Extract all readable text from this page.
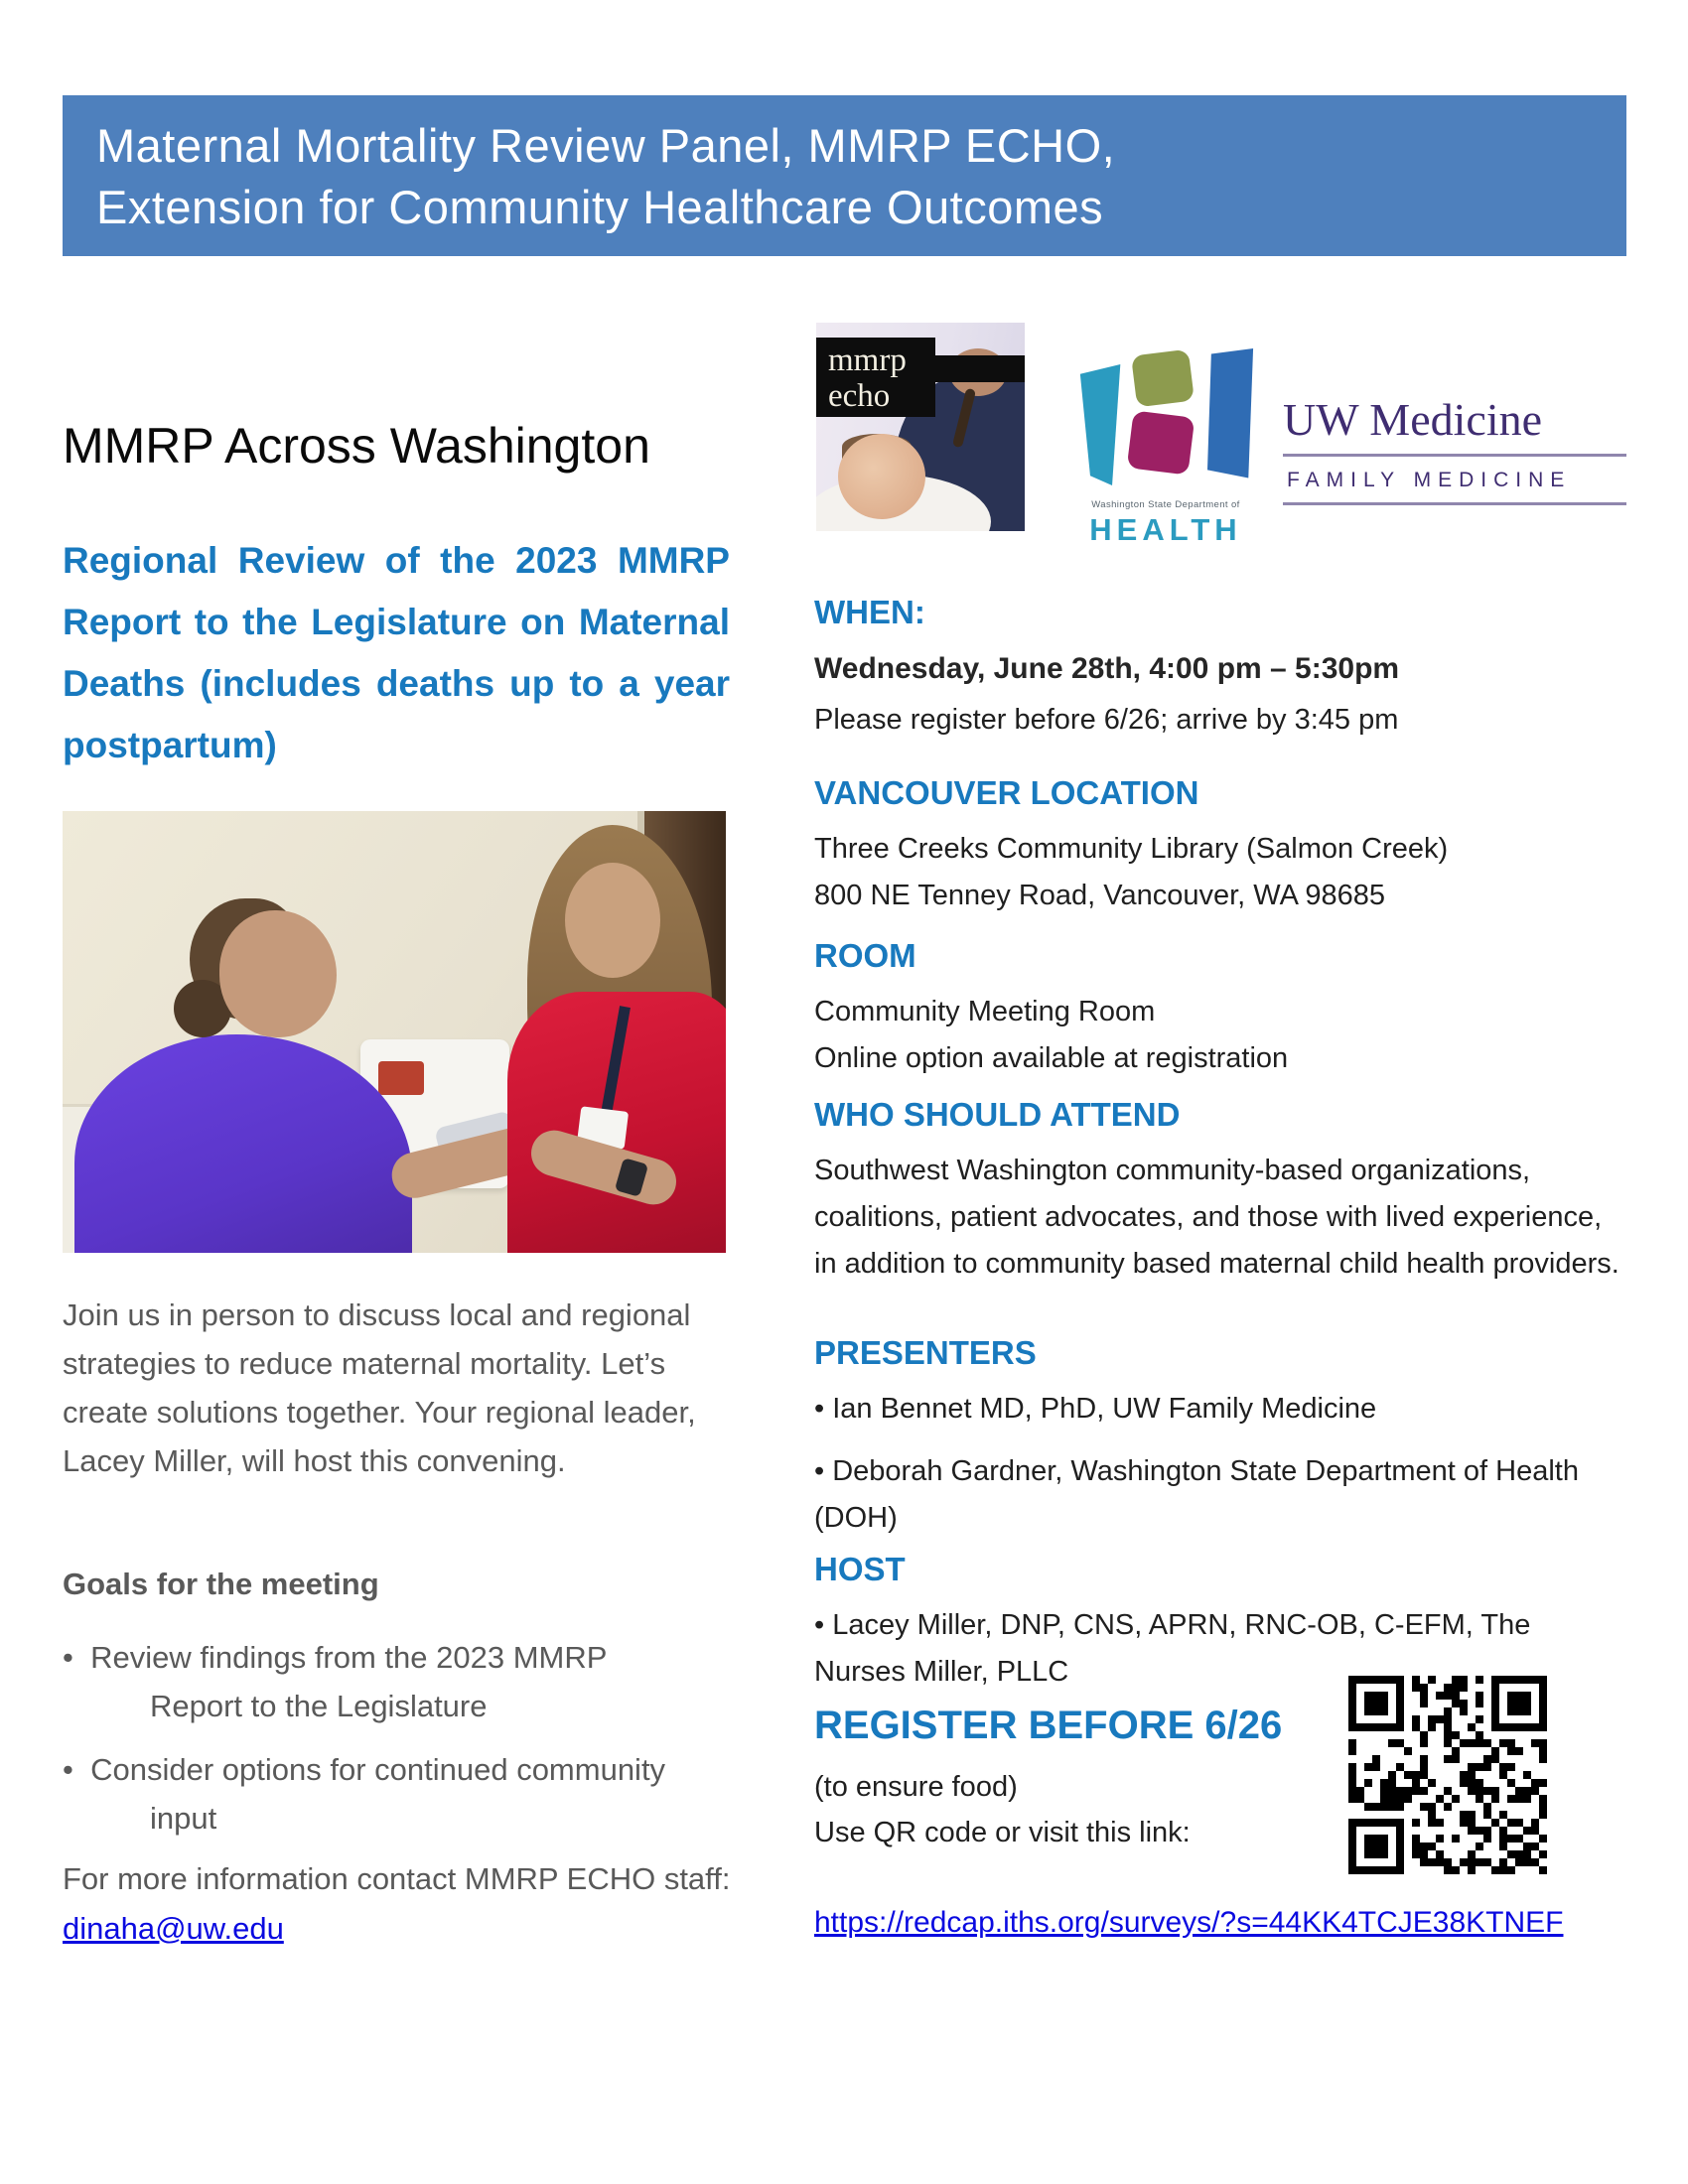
Maternal Mortality Review Panel, MMRP ECHO,
Extension for Community Healthcare Outcomes
MMRP Across Washington

Regional Review of the 2023 MMRP Report to the Legislature on Maternal Deaths (includes deaths up to a year postpartum)

Join us in person to discuss local and regional strategies to reduce maternal mortality. Let’s create solutions together. Your regional leader, Lacey Miller, will host this convening.

Goals for the meeting

•  Review findings from the 2023 MMRP Report to the Legislature

•  Consider options for continued community input

For more information contact MMRP ECHO staff: dinaha@uw.edu

mmrp
echo
Washington State Department of
HEALTH
UW Medicine
FAMILY MEDICINE
WHEN:
Wednesday, June 28th, 4:00 pm – 5:30pm
Please register before 6/26; arrive by 3:45 pm
VANCOUVER LOCATION
Three Creeks Community Library (Salmon Creek)
800 NE Tenney Road, Vancouver, WA 98685
ROOM
Community Meeting Room
Online option available at registration
WHO SHOULD ATTEND
Southwest Washington community-based organizations, coalitions, patient advocates, and those with lived experience, in addition to community based maternal child health providers.
PRESENTERS
• Ian Bennet MD, PhD, UW Family Medicine
• Deborah Gardner, Washington State Department of Health (DOH)
HOST
• Lacey Miller, DNP, CNS, APRN, RNC-OB, C-EFM, The Nurses Miller, PLLC
REGISTER BEFORE 6/26
(to ensure food)
Use QR code or visit this link:
https://redcap.iths.org/surveys/?s=44KK4TCJE38KTNEF
